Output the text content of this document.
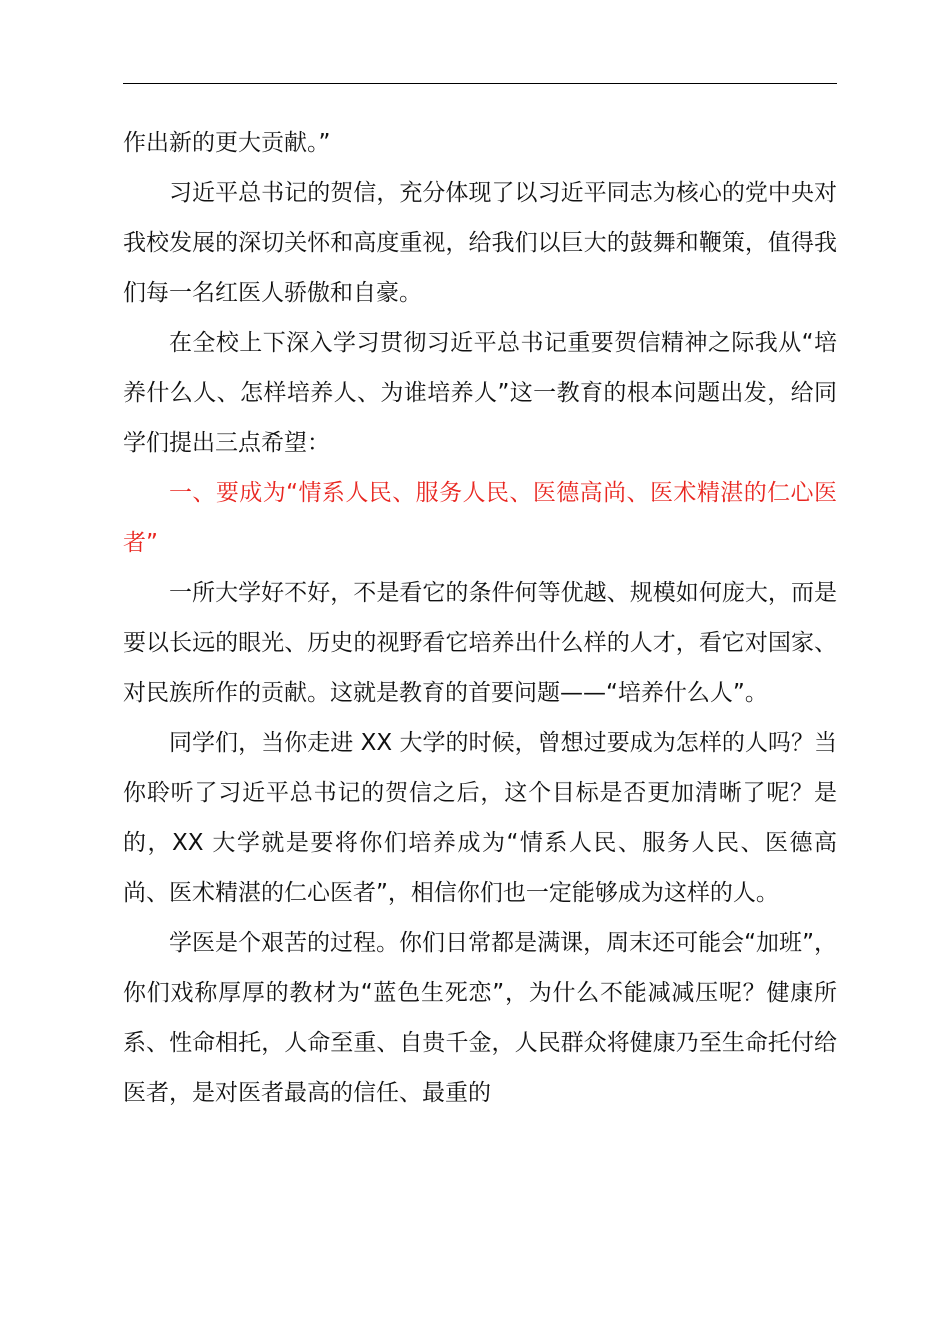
作出新的更大贡献。”

习近平总书记的贺信，充分体现了以习近平同志为核心的党中央对我校发展的深切关怀和高度重视，给我们以巨大的鼓舞和鞭策，值得我们每一名红医人骄傲和自豪。

在全校上下深入学习贯彻习近平总书记重要贺信精神之际我从“培养什么人、怎样培养人、为谁培养人”这一教育的根本问题出发，给同学们提出三点希望：

一、要成为“情系人民、服务人民、医德高尚、医术精湛的仁心医者”

一所大学好不好，不是看它的条件何等优越、规模如何庞大，而是要以长远的眼光、历史的视野看它培养出什么样的人才，看它对国家、对民族所作的贡献。这就是教育的首要问题——“培养什么人”。

同学们，当你走进 XX 大学的时候，曾想过要成为怎样的人吗？当你聆听了习近平总书记的贺信之后，这个目标是否更加清晰了呢？是的，XX 大学就是要将你们培养成为“情系人民、服务人民、医德高尚、医术精湛的仁心医者”，相信你们也一定能够成为这样的人。

学医是个艰苦的过程。你们日常都是满课，周末还可能会“加班”，你们戏称厚厚的教材为“蓝色生死恋”，为什么不能减减压呢？健康所系、性命相托，人命至重、自贵千金，人民群众将健康乃至生命托付给医者，是对医者最高的信任、最重的
